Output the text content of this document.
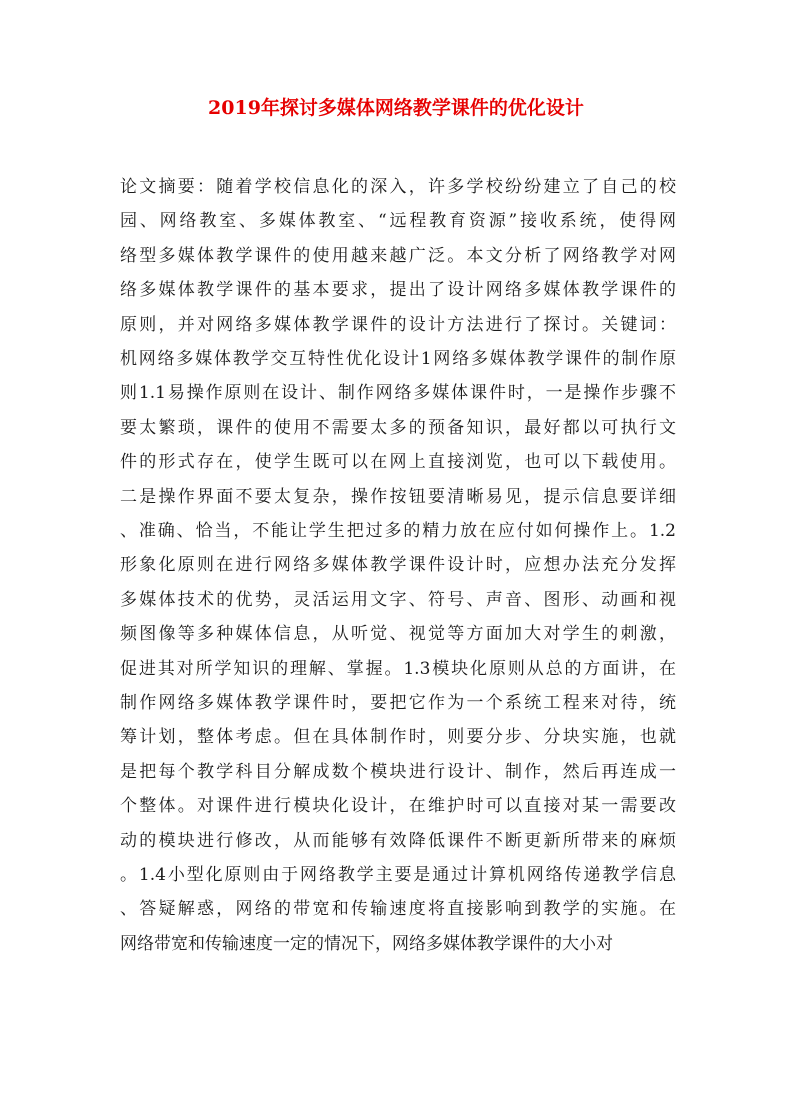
2019年探讨多媒体网络教学课件的优化设计
论文摘要：随着学校信息化的深入，许多学校纷纷建立了自己的校
园、网络教室、多媒体教室、“远程教育资源”接收系统，使得网
络型多媒体教学课件的使用越来越广泛。本文分析了网络教学对网
络多媒体教学课件的基本要求，提出了设计网络多媒体教学课件的
原则，并对网络多媒体教学课件的设计方法进行了探讨。关键词：
机网络多媒体教学交互特性优化设计1网络多媒体教学课件的制作原
则1.1易操作原则在设计、制作网络多媒体课件时，一是操作步骤不
要太繁琐，课件的使用不需要太多的预备知识，最好都以可执行文
件的形式存在，使学生既可以在网上直接浏览，也可以下载使用。
二是操作界面不要太复杂，操作按钮要清晰易见，提示信息要详细
、准确、恰当，不能让学生把过多的精力放在应付如何操作上。1.2
形象化原则在进行网络多媒体教学课件设计时，应想办法充分发挥
多媒体技术的优势，灵活运用文字、符号、声音、图形、动画和视
频图像等多种媒体信息，从听觉、视觉等方面加大对学生的刺激，
促进其对所学知识的理解、掌握。1.3模块化原则从总的方面讲，在
制作网络多媒体教学课件时，要把它作为一个系统工程来对待，统
筹计划，整体考虑。但在具体制作时，则要分步、分块实施，也就
是把每个教学科目分解成数个模块进行设计、制作，然后再连成一
个整体。对课件进行模块化设计，在维护时可以直接对某一需要改
动的模块进行修改，从而能够有效降低课件不断更新所带来的麻烦
。1.4小型化原则由于网络教学主要是通过计算机网络传递教学信息
、答疑解惑，网络的带宽和传输速度将直接影响到教学的实施。在
网络带宽和传输速度一定的情况下，网络多媒体教学课件的大小对
